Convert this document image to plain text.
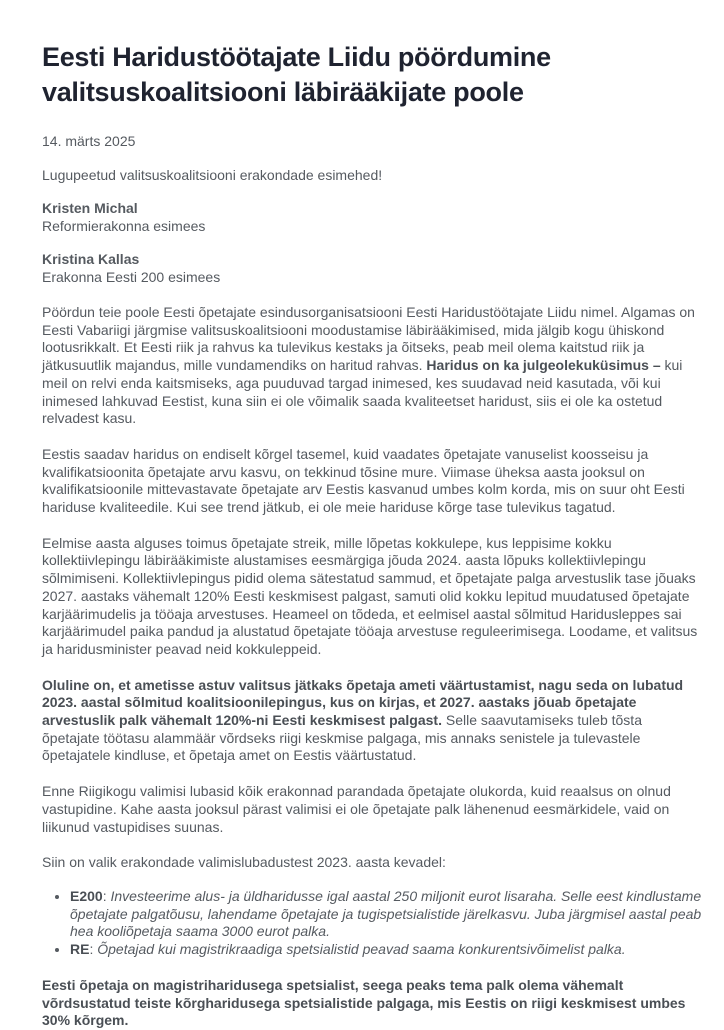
Eesti Haridustöötajate Liidu pöördumine valitsuskoalitsiooni läbirääkijate poole
14. märts 2025
Lugupeetud valitsuskoalitsiooni erakondade esimehed!
Kristen Michal
Reformierakonna esimees
Kristina Kallas
Erakonna Eesti 200 esimees

Pöördun teie poole Eesti õpetajate esindusorganisatsiooni Eesti Haridustöötajate Liidu nimel. Algamas on Eesti Vabariigi järgmise valitsuskoalitsiooni moodustamise läbirääkimised, mida jälgib kogu ühiskond lootusrikkalt. Et Eesti riik ja rahvus ka tulevikus kestaks ja õitseks, peab meil olema kaitstud riik ja jätkusuutlik majandus, mille vundamendiks on haritud rahvas. Haridus on ka julgeolekuküsimus – kui meil on relvi enda kaitsmiseks, aga puuduvad targad inimesed, kes suudavad neid kasutada, või kui inimesed lahkuvad Eestist, kuna siin ei ole võimalik saada kvaliteetset haridust, siis ei ole ka ostetud relvadest kasu.

Eestis saadav haridus on endiselt kõrgel tasemel, kuid vaadates õpetajate vanuselist koosseisu ja kvalifikatsioonita õpetajate arvu kasvu, on tekkinud tõsine mure. Viimase üheksa aasta jooksul on kvalifikatsioonile mittevastavate õpetajate arv Eestis kasvanud umbes kolm korda, mis on suur oht Eesti hariduse kvaliteedile. Kui see trend jätkub, ei ole meie hariduse kõrge tase tulevikus tagatud.

Eelmise aasta alguses toimus õpetajate streik, mille lõpetas kokkulepe, kus leppisime kokku kollektiivlepingu läbirääkimiste alustamises eesmärgiga jõuda 2024. aasta lõpuks kollektiivlepingu sõlmimiseni. Kollektiivlepingus pidid olema sätestatud sammud, et õpetajate palga arvestuslik tase jõuaks 2027. aastaks vähemalt 120% Eesti keskmisest palgast, samuti olid kokku lepitud muudatused õpetajate karjäärimudelis ja tööaja arvestuses. Heameel on tõdeda, et eelmisel aastal sõlmitud Haridusleppes sai karjäärimudel paika pandud ja alustatud õpetajate tööaja arvestuse reguleerimisega. Loodame, et valitsus ja haridusminister peavad neid kokkuleppeid.

Oluline on, et ametisse astuv valitsus jätkaks õpetaja ameti väärtustamist, nagu seda on lubatud 2023. aastal sõlmitud koalitsioonilepingus, kus on kirjas, et 2027. aastaks jõuab õpetajate arvestuslik palk vähemalt 120%-ni Eesti keskmisest palgast. Selle saavutamiseks tuleb tõsta õpetajate töötasu alammäär võrdseks riigi keskmise palgaga, mis annaks senistele ja tulevastele õpetajatele kindluse, et õpetaja amet on Eestis väärtustatud.

Enne Riigikogu valimisi lubasid kõik erakonnad parandada õpetajate olukorda, kuid reaalsus on olnud vastupidine. Kahe aasta jooksul pärast valimisi ei ole õpetajate palk lähenenud eesmärkidele, vaid on liikunud vastupidises suunas.

Siin on valik erakondade valimislubadustest 2023. aasta kevadel:

• E200: Investeerime alus- ja üldharidusse igal aastal 250 miljonit eurot lisaraha. Selle eest kindlustame õpetajate palgatõusu, lahendame õpetajate ja tugispetsialistide järelkasvu. Juba järgmisel aastal peab hea kooliõpetaja saama 3000 eurot palka.
• RE: Õpetajad kui magistrikraadiga spetsialistid peavad saama konkurentsivõimelist palka.

Eesti õpetaja on magistriharidusega spetsialist, seega peaks tema palk olema vähemalt võrdsustatud teiste kõrgharidusega spetsialistide palgaga, mis Eestis on riigi keskmisest umbes 30% kõrgem.
